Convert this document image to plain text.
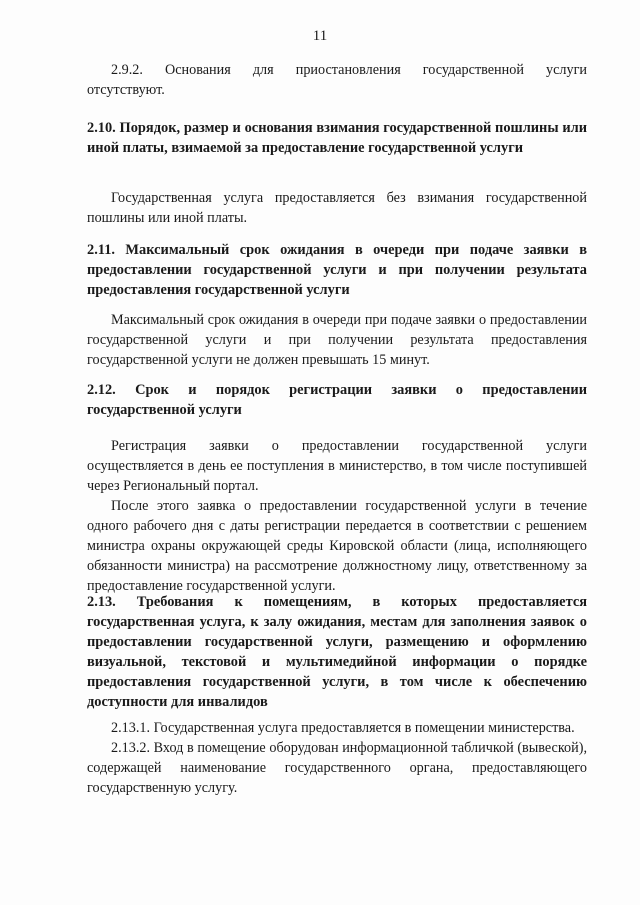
11

2.9.2. Основания для приостановления государственной услуги отсутствуют.

2.10. Порядок, размер и основания взимания государственной пошлины или иной платы, взимаемой за предоставление государственной услуги

Государственная услуга предоставляется без взимания государственной пошлины или иной платы.

2.11. Максимальный срок ожидания в очереди при подаче заявки в предоставлении государственной услуги и при получении результата предоставления государственной услуги

Максимальный срок ожидания в очереди при подаче заявки о предоставлении государственной услуги и при получении результата предоставления государственной услуги не должен превышать 15 минут.

2.12. Срок и порядок регистрации заявки о предоставлении государственной услуги

Регистрация заявки о предоставлении государственной услуги осуществляется в день ее поступления в министерство, в том числе поступившей через Региональный портал.

После этого заявка о предоставлении государственной услуги в течение одного рабочего дня с даты регистрации передается в соответствии с решением министра охраны окружающей среды Кировской области (лица, исполняющего обязанности министра) на рассмотрение должностному лицу, ответственному за предоставление государственной услуги.

2.13. Требования к помещениям, в которых предоставляется государственная услуга, к залу ожидания, местам для заполнения заявок о предоставлении государственной услуги, размещению и оформлению визуальной, текстовой и мультимедийной информации о порядке предоставления государственной услуги, в том числе к обеспечению доступности для инвалидов

2.13.1. Государственная услуга предоставляется в помещении министерства.

2.13.2. Вход в помещение оборудован информационной табличкой (вывеской), содержащей наименование государственного органа, предоставляющего государственную услугу.
